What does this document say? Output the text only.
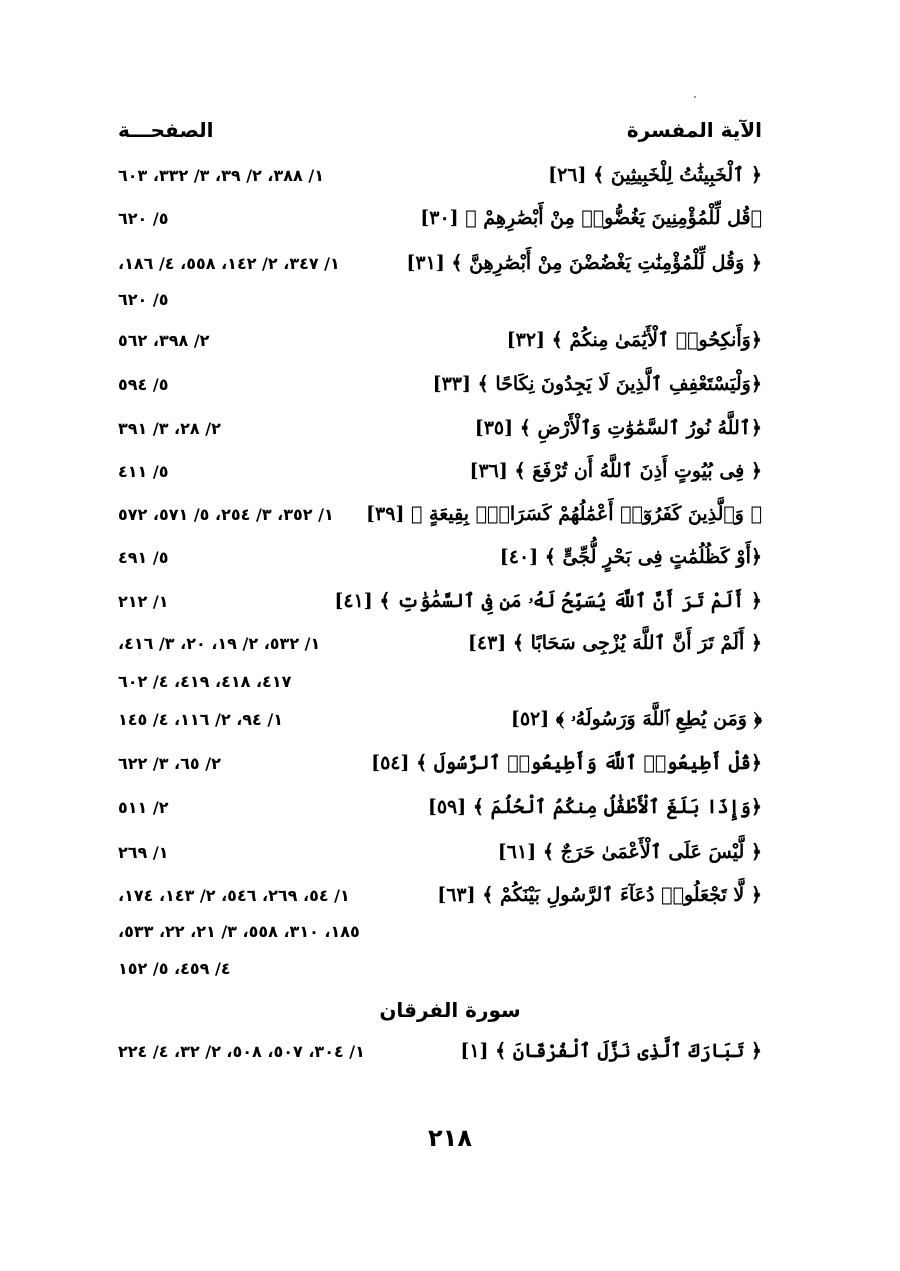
الآية المفسرة
الصفحـــة
﴿ ٱلْخَبِيثَٰتُ لِلْخَبِيثِينَ ﴾ [٢٦]
١/ ٣٨٨، ٢/ ٣٩، ٣/ ٣٣٢، ٦٠٣
﴿قُل لِّلْمُؤْمِنِينَ يَغُضُّوا۟ مِنْ أَبْصَٰرِهِمْ ﴾ [٣٠]
٥/ ٦٢٠
﴿ وَقُل لِّلْمُؤْمِنَٰتِ يَغْضُضْنَ مِنْ أَبْصَٰرِهِنَّ ﴾ [٣١]
١/ ٣٤٧، ٢/ ١٤٢، ٥٥٨، ٤/ ١٨٦،
٥/ ٦٢٠
﴿وَأَنكِحُوا۟ ٱلْأَيَٰمَىٰ مِنكُمْ ﴾ [٣٢]
٢/ ٣٩٨، ٥٦٢
﴿وَلْيَسْتَعْفِفِ ٱلَّذِينَ لَا يَجِدُونَ نِكَاحًا ﴾ [٣٣]
٥/ ٥٩٤
﴿ٱللَّهُ نُورُ ٱلسَّمَٰوَٰتِ وَٱلْأَرْضِ ﴾ [٣٥]
٢/ ٢٨، ٣/ ٣٩١
﴿ فِى بُيُوتٍ أَذِنَ ٱللَّهُ أَن تُرْفَعَ ﴾ [٣٦]
٥/ ٤١١
﴿ وَٱلَّذِينَ كَفَرُوٓا۟ أَعْمَٰلُهُمْ كَسَرَابٍۭ بِقِيعَةٍ ﴾ [٣٩]
١/ ٣٥٢، ٣/ ٢٥٤، ٥/ ٥٧١، ٥٧٢
﴿أَوْ كَظُلُمَٰتٍ فِى بَحْرٍ لُّجِّىٍّ ﴾ [٤٠]
٥/ ٤٩١
﴿ أَلَمْ تَرَ أَنَّ ٱللَّهَ يُسَبِّحُ لَهُۥ مَن فِى ٱلسَّمَٰوَٰتِ ﴾ [٤١]
١/ ٢١٢
﴿ أَلَمْ تَرَ أَنَّ ٱللَّهَ يُزْجِى سَحَابًا ﴾ [٤٣]
١/ ٥٣٢، ٢/ ١٩، ٢٠، ٣/ ٤١٦،
٤١٧، ٤١٨، ٤١٩، ٤/ ٦٠٢
﴿ وَمَن يُطِعِ ٱللَّهَ وَرَسُولَهُۥ ﴾ [٥٢]
١/ ٩٤، ٢/ ١١٦، ٤/ ١٤٥
﴿قُلْ أَطِيعُوا۟ ٱللَّهَ وَأَطِيعُوا۟ ٱلرَّسُولَ ﴾ [٥٤]
٢/ ٦٥، ٣/ ٦٢٢
﴿وَإِذَا بَلَغَ ٱلْأَطْفَٰلُ مِنكُمُ ٱلْحُلُمَ ﴾ [٥٩]
٢/ ٥١١
﴿ لَّيْسَ عَلَى ٱلْأَعْمَىٰ حَرَجٌ ﴾ [٦١]
١/ ٢٦٩
﴿ لَّا تَجْعَلُوا۟ دُعَآءَ ٱلرَّسُولِ بَيْنَكُمْ ﴾ [٦٣]
١/ ٥٤، ٢٦٩، ٥٤٦، ٢/ ١٤٣، ١٧٤،
١٨٥، ٣١٠، ٥٥٨، ٣/ ٢١، ٢٢، ٥٣٣،
٤/ ٤٥٩، ٥/ ١٥٢
سورة الفرقان
﴿ تَبَارَكَ ٱلَّذِى نَزَّلَ ٱلْفُرْقَانَ ﴾ [١]
١/ ٣٠٤، ٥٠٧، ٥٠٨، ٢/ ٣٢، ٤/ ٢٢٤
٢١٨
